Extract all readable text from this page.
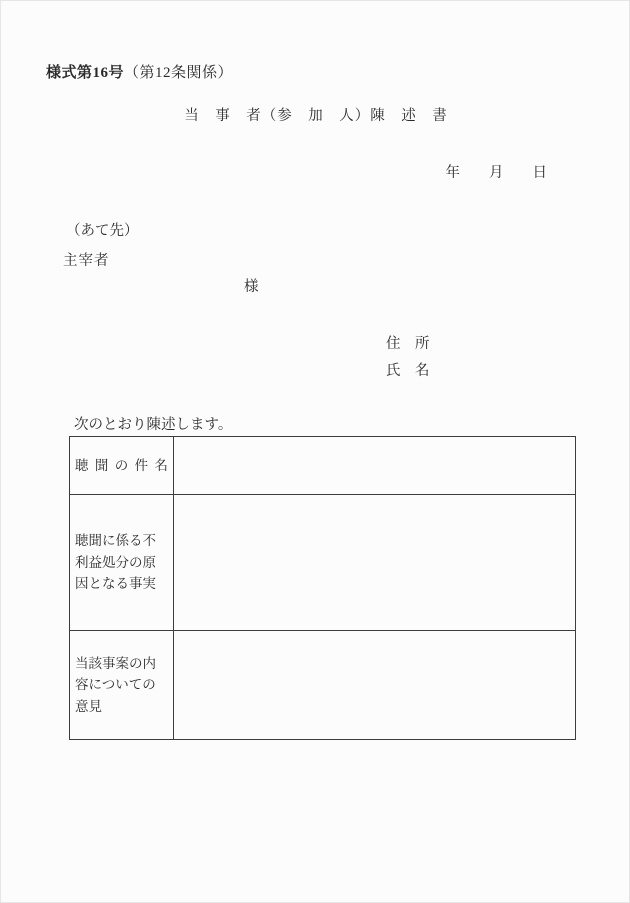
様式第16号（第12条関係）
当　事　者（参　加　人）陳　述　書
年　　月　　日
（あて先）
主宰者
様
住　所
氏　名
次のとおり陳述します。
聴聞の件名
聴聞に係る不利益処分の原因となる事実
当該事案の内容についての意見
